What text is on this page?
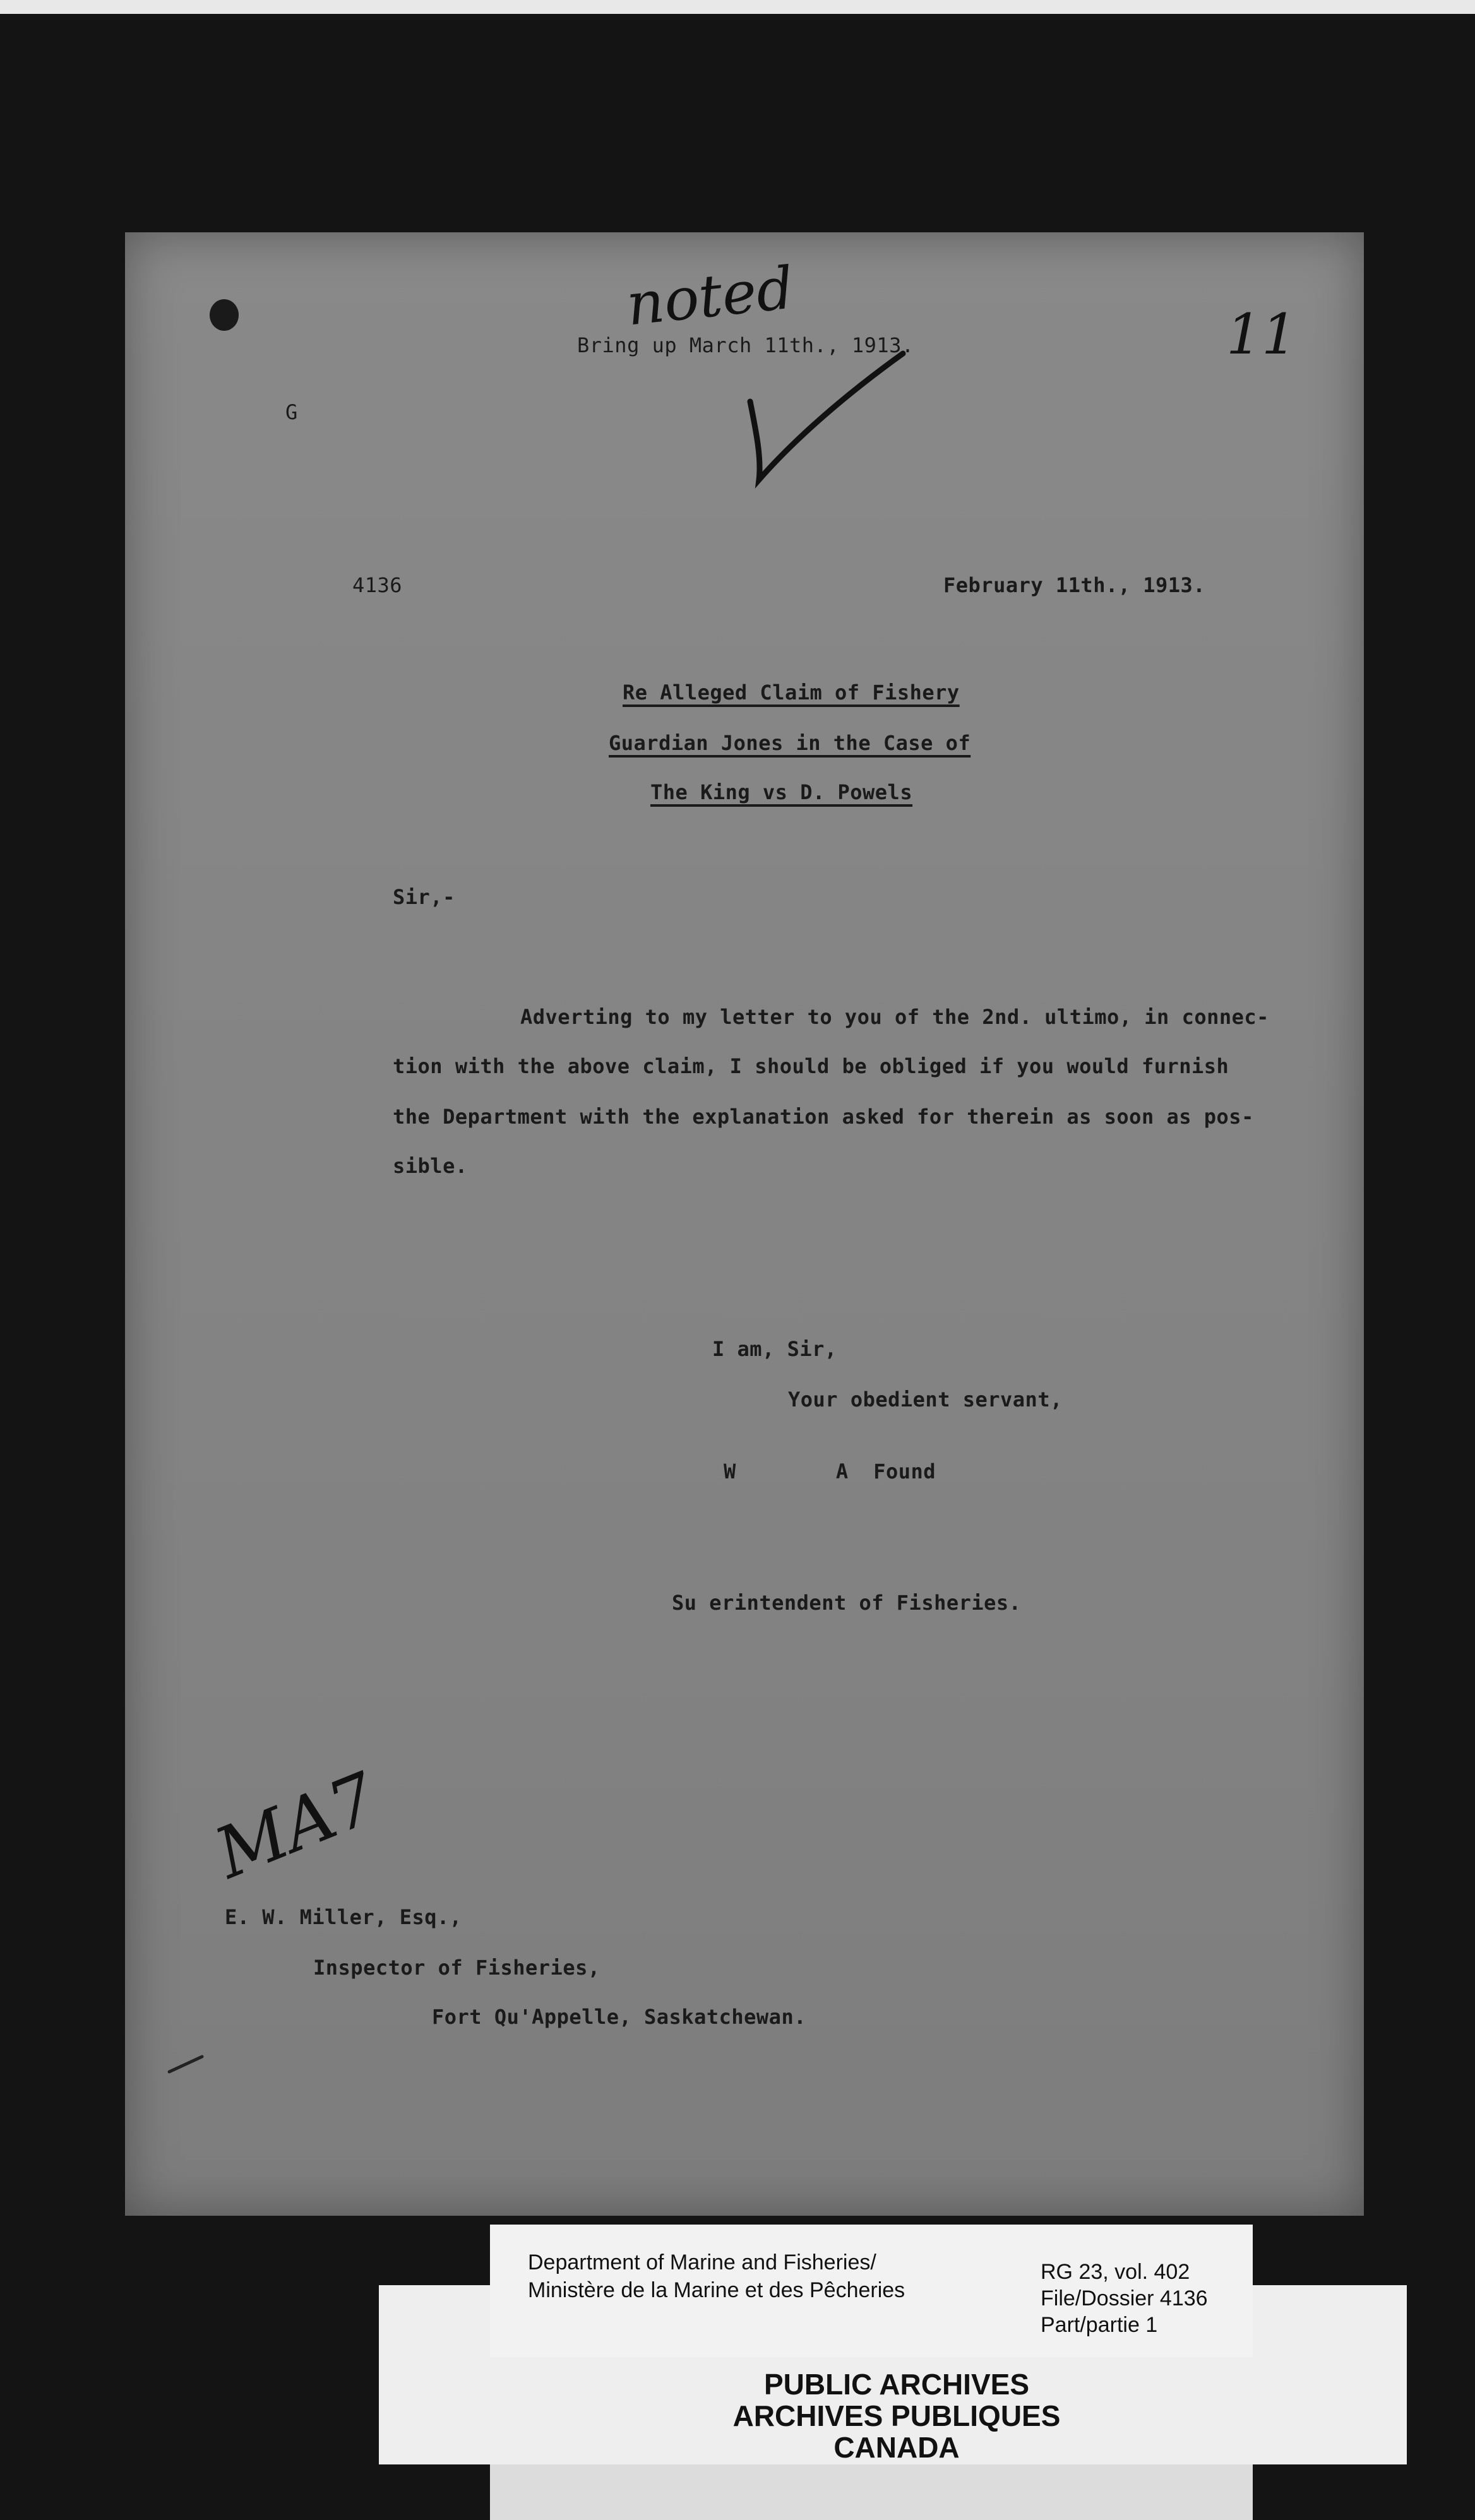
noted
Bring up March 11th., 1913.	11
G
4136	February 11th., 1913.
Re Alleged Claim of Fishery
Guardian Jones in the Case of
The King vs D. Powels
Sir,-
Adverting to my letter to you of the 2nd. ultimo, in connec-
tion with the above claim, I should be obliged if you would furnish
the Department with the explanation asked for therein as soon as pos-
sible.
I am, Sir,
Your obedient servant,
W        A  Found
Su erintendent of Fisheries.
MA7
E. W. Miller, Esq.,
Inspector of Fisheries,
Fort Qu'Appelle, Saskatchewan.
Department of Marine and Fisheries/
Ministère de la Marine et des Pêcheries
RG 23, vol. 402
File/Dossier 4136
Part/partie 1
PUBLIC ARCHIVES
ARCHIVES PUBLIQUES
CANADA
